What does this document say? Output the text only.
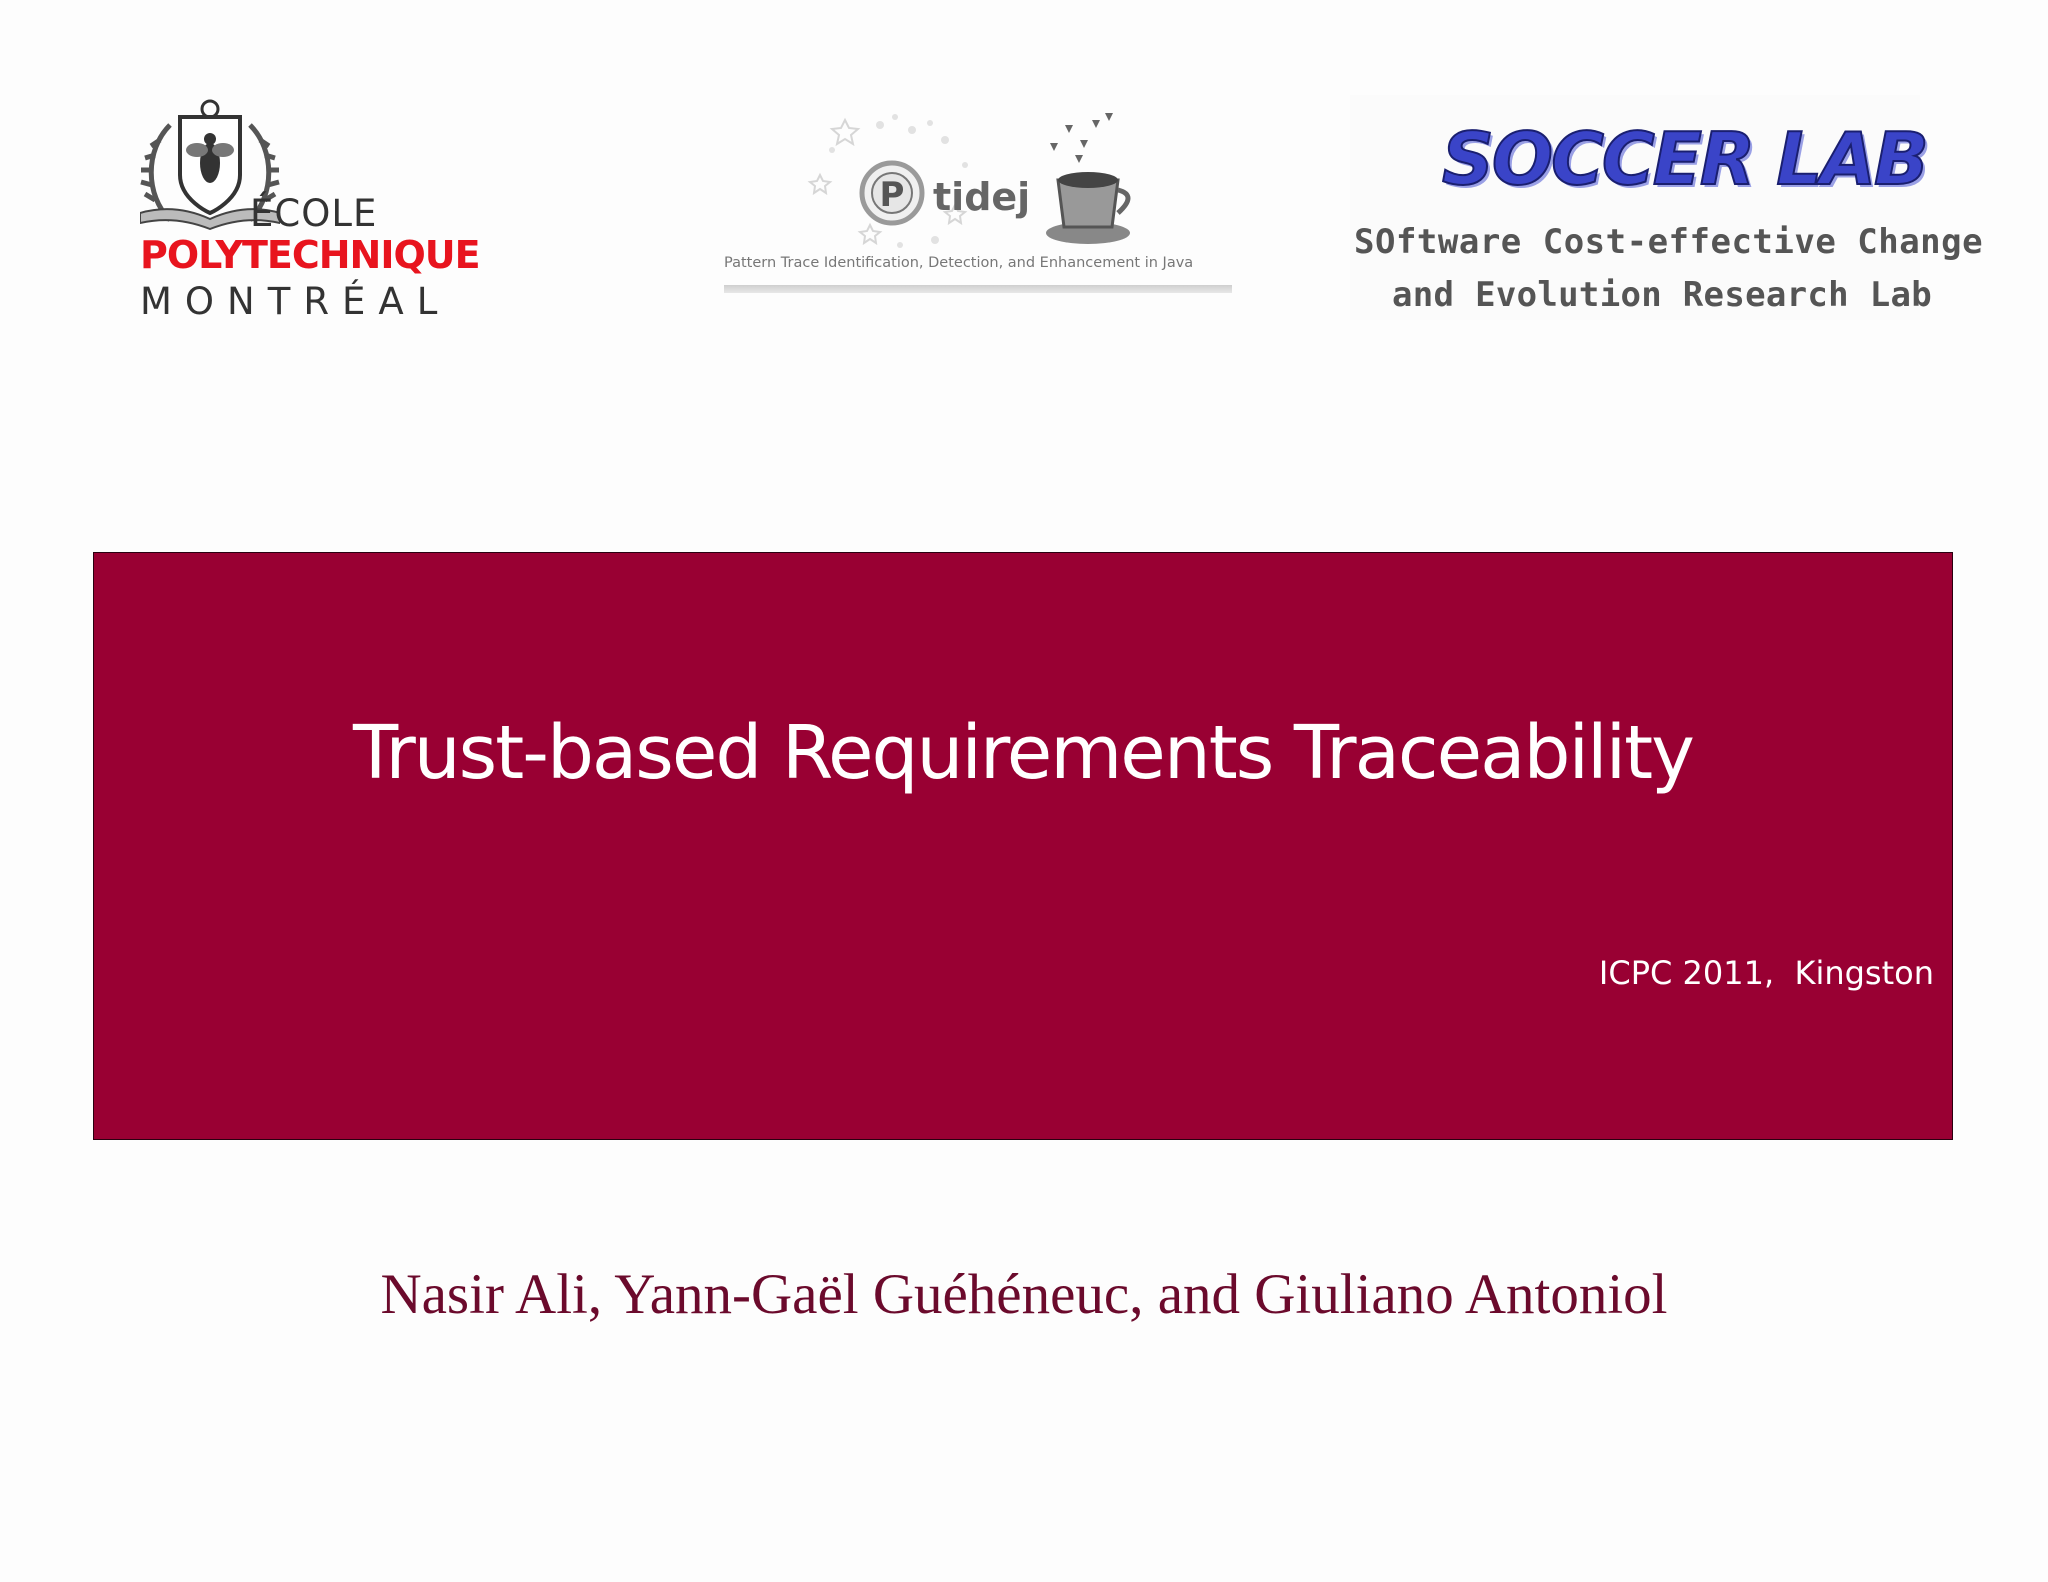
ÉCOLE
POLYTECHNIQUE
MONTRÉAL
P tidej
Pattern Trace Identification, Detection, and Enhancement in Java
SOCCER LAB
SOftware Cost-effective Change
and Evolution Research Lab
Trust-based Requirements Traceability
ICPC 2011,  Kingston
Nasir Ali, Yann-Gaël Guéhéneuc, and Giuliano Antoniol
